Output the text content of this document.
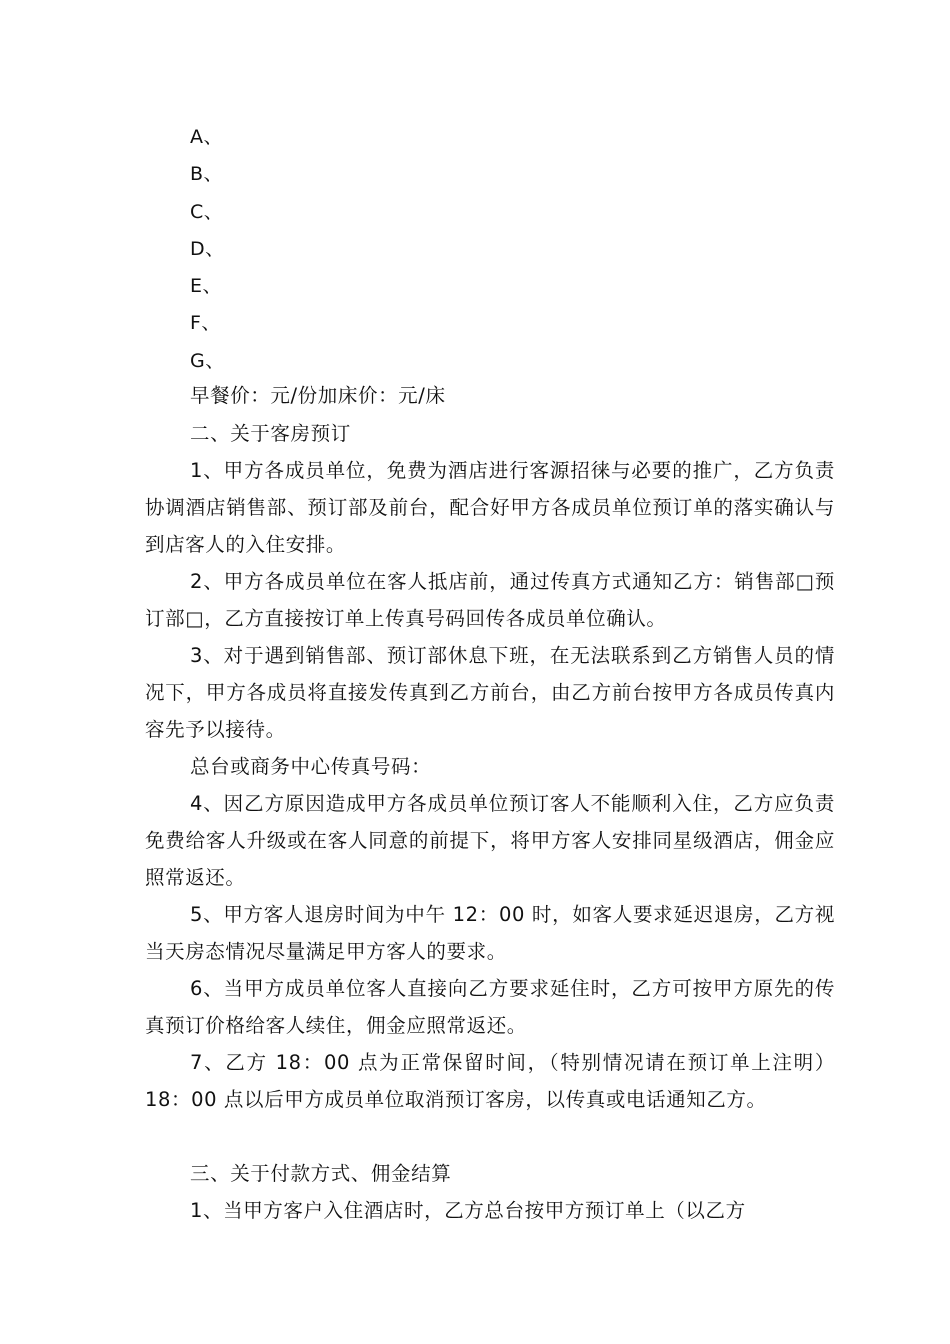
A、
B、
C、
D、
E、
F、
G、
早餐价：元/份加床价：元/床
二、关于客房预订
1、甲方各成员单位，免费为酒店进行客源招徕与必要的推广，乙方负责协调酒店销售部、预订部及前台，配合好甲方各成员单位预订单的落实确认与到店客人的入住安排。
2、甲方各成员单位在客人抵店前，通过传真方式通知乙方：销售部□预订部□，乙方直接按订单上传真号码回传各成员单位确认。
3、对于遇到销售部、预订部休息下班，在无法联系到乙方销售人员的情况下，甲方各成员将直接发传真到乙方前台，由乙方前台按甲方各成员传真内容先予以接待。
总台或商务中心传真号码：
4、因乙方原因造成甲方各成员单位预订客人不能顺利入住，乙方应负责免费给客人升级或在客人同意的前提下，将甲方客人安排同星级酒店，佣金应照常返还。
5、甲方客人退房时间为中午 12：00 时，如客人要求延迟退房，乙方视当天房态情况尽量满足甲方客人的要求。
6、当甲方成员单位客人直接向乙方要求延住时，乙方可按甲方原先的传真预订价格给客人续住，佣金应照常返还。
7、乙方 18：00 点为正常保留时间，（特别情况请在预订单上注明）18：00 点以后甲方成员单位取消预订客房，以传真或电话通知乙方。
三、关于付款方式、佣金结算
1、当甲方客户入住酒店时，乙方总台按甲方预订单上（以乙方
